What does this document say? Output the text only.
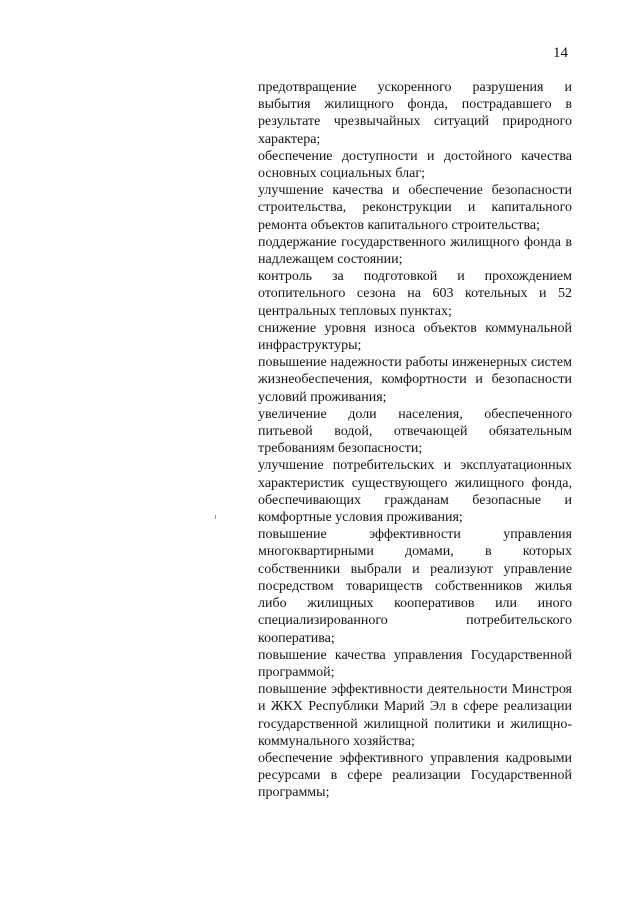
14

предотвращение ускоренного разрушения и выбытия жилищного фонда, пострадавшего в результате чрезвычайных ситуаций природного характера;

обеспечение доступности и достойного качества основных социальных благ;

улучшение качества и обеспечение безопасности строительства, реконструкции и капитального ремонта объектов капитального строительства;

поддержание государственного жилищного фонда в надлежащем состоянии;

контроль за подготовкой и прохождением отопительного сезона на 603 котельных и 52 центральных тепловых пунктах;

снижение уровня износа объектов коммунальной инфраструктуры;

повышение надежности работы инженерных систем жизнеобеспечения, комфортности и безопасности условий проживания;

увеличение доли населения, обеспеченного питьевой водой, отвечающей обязательным требованиям безопасности;

улучшение потребительских и эксплуатационных характеристик существующего жилищного фонда, обеспечивающих гражданам безопасные и комфортные условия проживания;

повышение эффективности управления многоквартирными домами, в которых собственники выбрали и реализуют управление посредством товариществ собственников жилья либо жилищных кооперативов или иного специализированного потребительского кооператива;

повышение качества управления Государственной программой;

повышение эффективности деятельности Минстроя и ЖКХ Республики Марий Эл в сфере реализации государственной жилищной политики и жилищно-коммунального хозяйства;

обеспечение эффективного управления кадровыми ресурсами в сфере реализации Государственной программы;
